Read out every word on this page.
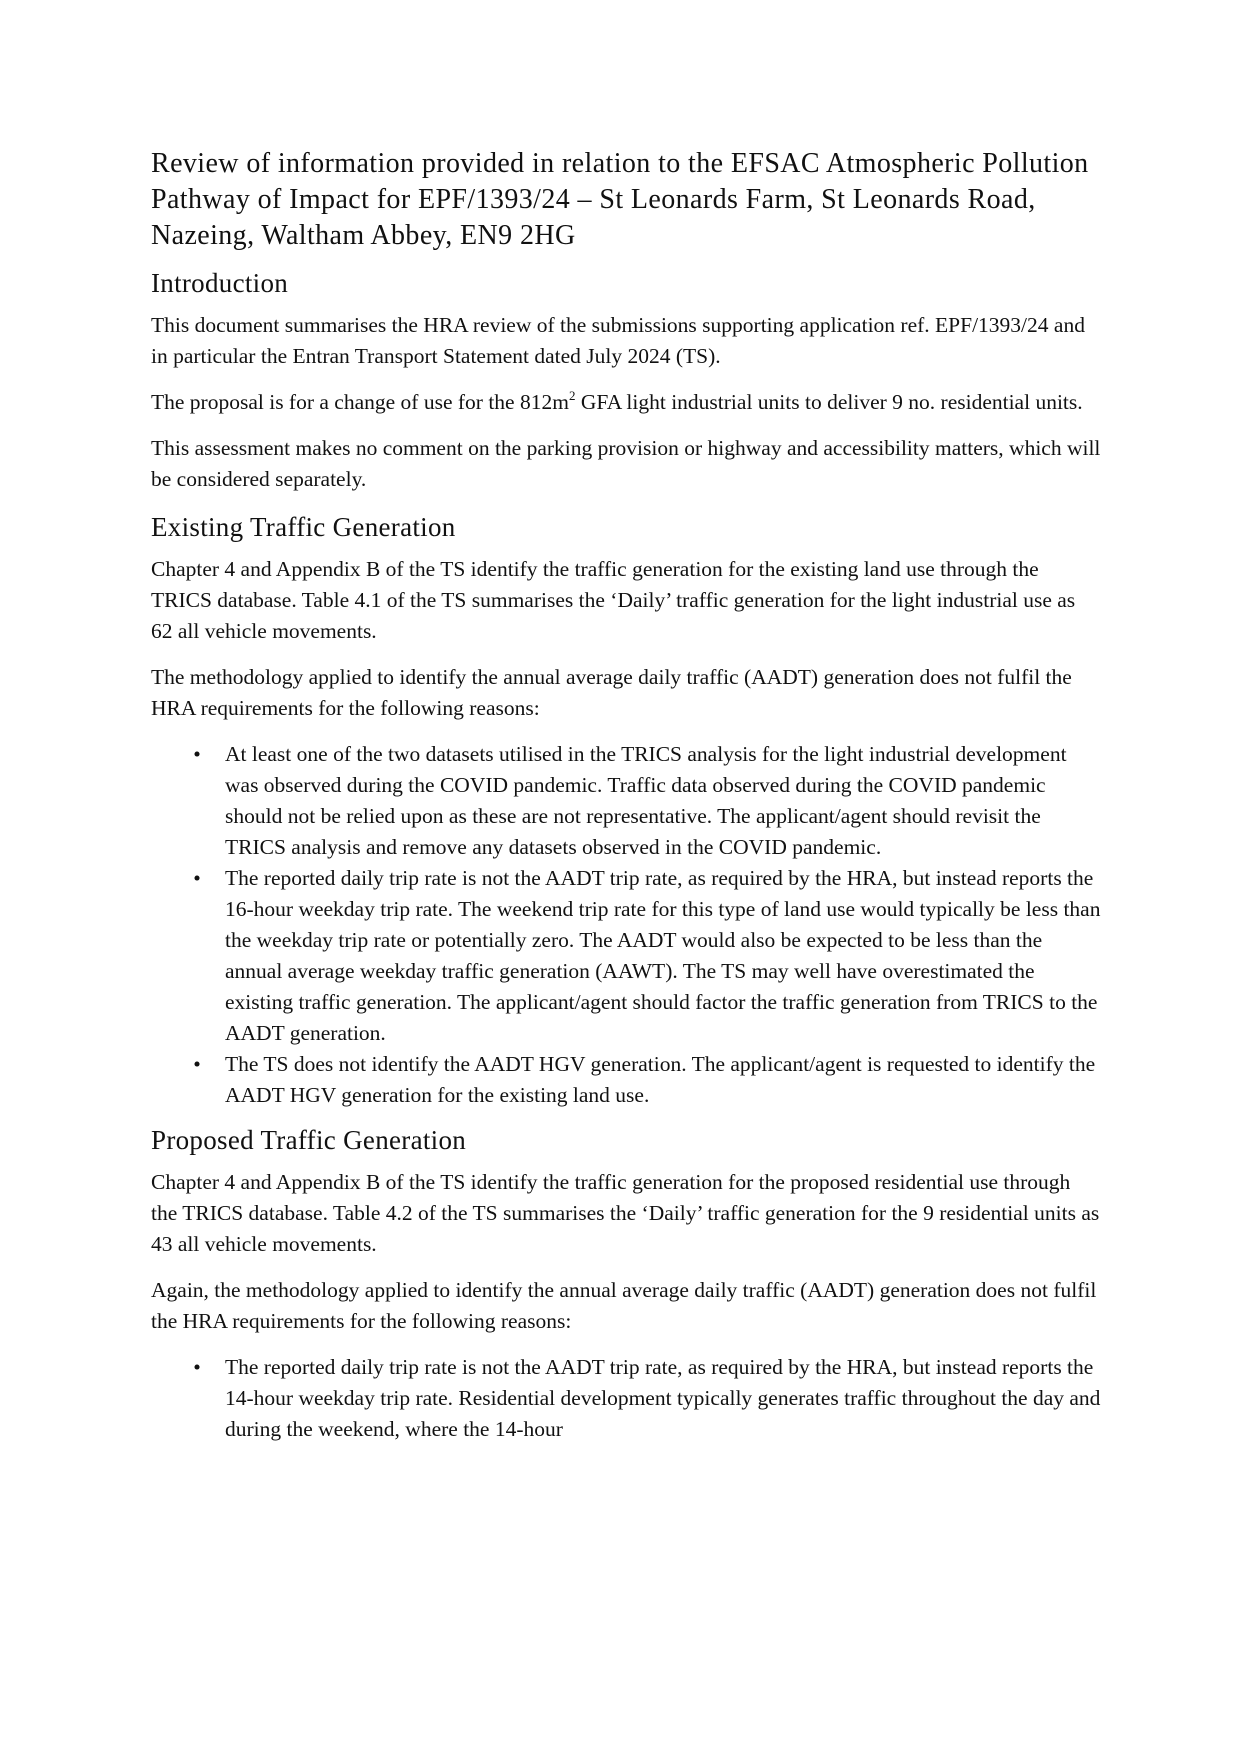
Review of information provided in relation to the EFSAC Atmospheric Pollution Pathway of Impact for EPF/1393/24 – St Leonards Farm, St Leonards Road, Nazeing, Waltham Abbey, EN9 2HG
Introduction

This document summarises the HRA review of the submissions supporting application ref. EPF/1393/24 and in particular the Entran Transport Statement dated July 2024 (TS).

The proposal is for a change of use for the $812m^2$ GFA light industrial units to deliver 9 no. residential units.

This assessment makes no comment on the parking provision or highway and accessibility matters, which will be considered separately.

Existing Traffic Generation

Chapter 4 and Appendix B of the TS identify the traffic generation for the existing land use through the TRICS database. Table 4.1 of the TS summarises the ‘Daily’ traffic generation for the light industrial use as 62 all vehicle movements.

The methodology applied to identify the annual average daily traffic (AADT) generation does not fulfil the HRA requirements for the following reasons:

• At least one of the two datasets utilised in the TRICS analysis for the light industrial development was observed during the COVID pandemic. Traffic data observed during the COVID pandemic should not be relied upon as these are not representative. The applicant/agent should revisit the TRICS analysis and remove any datasets observed in the COVID pandemic.
• The reported daily trip rate is not the AADT trip rate, as required by the HRA, but instead reports the 16-hour weekday trip rate. The weekend trip rate for this type of land use would typically be less than the weekday trip rate or potentially zero. The AADT would also be expected to be less than the annual average weekday traffic generation (AAWT). The TS may well have overestimated the existing traffic generation. The applicant/agent should factor the traffic generation from TRICS to the AADT generation.
• The TS does not identify the AADT HGV generation. The applicant/agent is requested to identify the AADT HGV generation for the existing land use.
Proposed Traffic Generation

Chapter 4 and Appendix B of the TS identify the traffic generation for the proposed residential use through the TRICS database. Table 4.2 of the TS summarises the ‘Daily’ traffic generation for the 9 residential units as 43 all vehicle movements.

Again, the methodology applied to identify the annual average daily traffic (AADT) generation does not fulfil the HRA requirements for the following reasons:

• The reported daily trip rate is not the AADT trip rate, as required by the HRA, but instead reports the 14-hour weekday trip rate. Residential development typically generates traffic throughout the day and during the weekend, where the 14-hour
